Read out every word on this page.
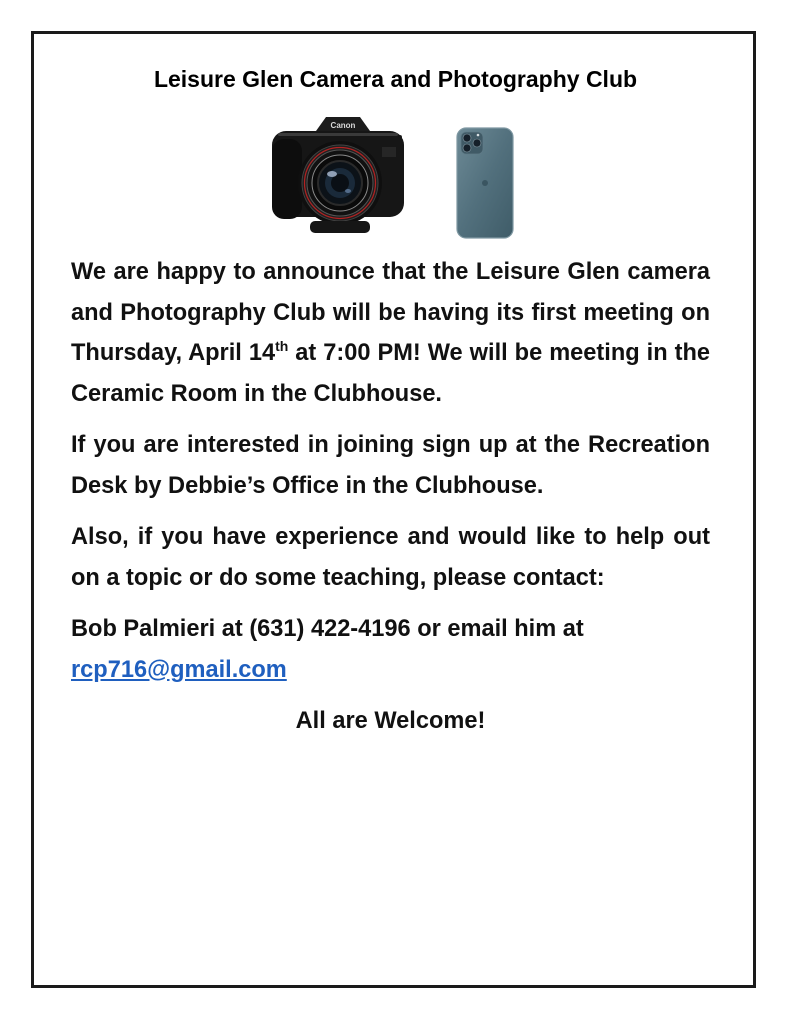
Leisure Glen Camera and Photography Club
Canon

We are happy to announce that the Leisure Glen camera and Photography Club will be having its first meeting on Thursday, April 14th at 7:00 PM! We will be meeting in the Ceramic Room in the Clubhouse.

If you are interested in joining sign up at the Recreation Desk by Debbie’s Office in the Clubhouse.

Also, if you have experience and would like to help out on a topic or do some teaching, please contact:

Bob Palmieri at (631) 422-4196 or email him at
rcp716@gmail.com

All are Welcome!
